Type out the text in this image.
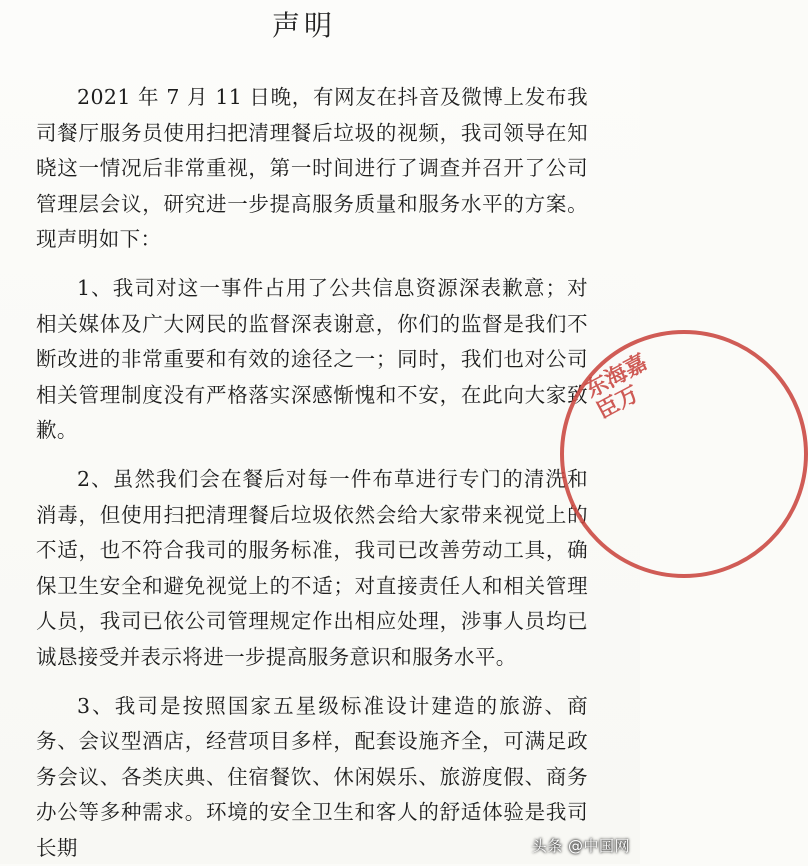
声明

2021 年 7 月 11 日晚，有网友在抖音及微博上发布我司餐厅服务员使用扫把清理餐后垃圾的视频，我司领导在知晓这一情况后非常重视，第一时间进行了调查并召开了公司管理层会议，研究进一步提高服务质量和服务水平的方案。现声明如下：

1、我司对这一事件占用了公共信息资源深表歉意；对相关媒体及广大网民的监督深表谢意，你们的监督是我们不断改进的非常重要和有效的途径之一；同时，我们也对公司相关管理制度没有严格落实深感惭愧和不安，在此向大家致歉。

2、虽然我们会在餐后对每一件布草进行专门的清洗和消毒，但使用扫把清理餐后垃圾依然会给大家带来视觉上的不适，也不符合我司的服务标准，我司已改善劳动工具，确保卫生安全和避免视觉上的不适；对直接责任人和相关管理人员，我司已依公司管理规定作出相应处理，涉事人员均已诚恳接受并表示将进一步提高服务意识和服务水平。

3、我司是按照国家五星级标准设计建造的旅游、商务、会议型酒店，经营项目多样，配套设施齐全，可满足政务会议、各类庆典、住宿餐饮、休闲娱乐、旅游度假、商务办公等多种需求。环境的安全卫生和客人的舒适体验是我司长期

东海嘉臣万
头条 @中国网
